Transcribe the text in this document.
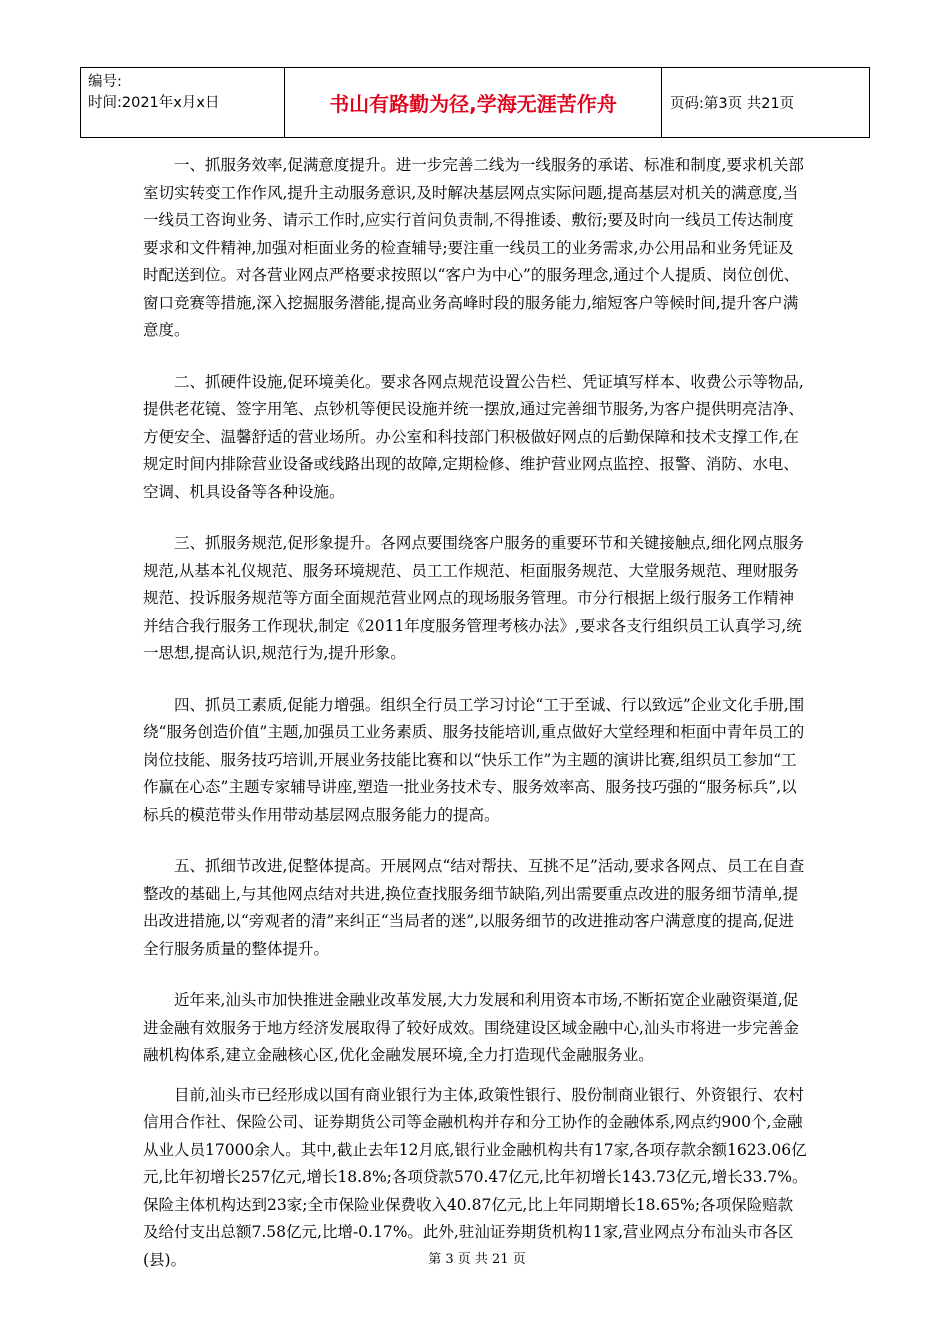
编号:
时间:2021年x月x日	书山有路勤为径,学海无涯苦作舟	页码:第3页 共21页

一、抓服务效率,促满意度提升。进一步完善二线为一线服务的承诺、标准和制度,要求机关部室切实转变工作作风,提升主动服务意识,及时解决基层网点实际问题,提高基层对机关的满意度,当一线员工咨询业务、请示工作时,应实行首问负责制,不得推诿、敷衍;要及时向一线员工传达制度要求和文件精神,加强对柜面业务的检查辅导;要注重一线员工的业务需求,办公用品和业务凭证及时配送到位。对各营业网点严格要求按照以“客户为中心”的服务理念,通过个人提质、岗位创优、窗口竞赛等措施,深入挖掘服务潜能,提高业务高峰时段的服务能力,缩短客户等候时间,提升客户满意度。

二、抓硬件设施,促环境美化。要求各网点规范设置公告栏、凭证填写样本、收费公示等物品,提供老花镜、签字用笔、点钞机等便民设施并统一摆放,通过完善细节服务,为客户提供明亮洁净、方便安全、温馨舒适的营业场所。办公室和科技部门积极做好网点的后勤保障和技术支撑工作,在规定时间内排除营业设备或线路出现的故障,定期检修、维护营业网点监控、报警、消防、水电、空调、机具设备等各种设施。

三、抓服务规范,促形象提升。各网点要围绕客户服务的重要环节和关键接触点,细化网点服务规范,从基本礼仪规范、服务环境规范、员工工作规范、柜面服务规范、大堂服务规范、理财服务规范、投诉服务规范等方面全面规范营业网点的现场服务管理。市分行根据上级行服务工作精神并结合我行服务工作现状,制定《2011年度服务管理考核办法》,要求各支行组织员工认真学习,统一思想,提高认识,规范行为,提升形象。

四、抓员工素质,促能力增强。组织全行员工学习讨论“工于至诚、行以致远”企业文化手册,围绕“服务创造价值”主题,加强员工业务素质、服务技能培训,重点做好大堂经理和柜面中青年员工的岗位技能、服务技巧培训,开展业务技能比赛和以“快乐工作”为主题的演讲比赛,组织员工参加“工作赢在心态”主题专家辅导讲座,塑造一批业务技术专、服务效率高、服务技巧强的“服务标兵”,以标兵的模范带头作用带动基层网点服务能力的提高。

五、抓细节改进,促整体提高。开展网点“结对帮扶、互挑不足”活动,要求各网点、员工在自查整改的基础上,与其他网点结对共进,换位查找服务细节缺陷,列出需要重点改进的服务细节清单,提出改进措施,以“旁观者的清”来纠正“当局者的迷”,以服务细节的改进推动客户满意度的提高,促进全行服务质量的整体提升。

近年来,汕头市加快推进金融业改革发展,大力发展和利用资本市场,不断拓宽企业融资渠道,促进金融有效服务于地方经济发展取得了较好成效。围绕建设区域金融中心,汕头市将进一步完善金融机构体系,建立金融核心区,优化金融发展环境,全力打造现代金融服务业。

目前,汕头市已经形成以国有商业银行为主体,政策性银行、股份制商业银行、外资银行、农村信用合作社、保险公司、证券期货公司等金融机构并存和分工协作的金融体系,网点约900个,金融从业人员17000余人。其中,截止去年12月底,银行业金融机构共有17家,各项存款余额1623.06亿元,比年初增长257亿元,增长18.8%;各项贷款570.47亿元,比年初增长143.73亿元,增长33.7%。保险主体机构达到23家;全市保险业保费收入40.87亿元,比上年同期增长18.65%;各项保险赔款及给付支出总额7.58亿元,比增-0.17%。此外,驻汕证券期货机构11家,营业网点分布汕头市各区(县)。	第 3 页 共 21 页
